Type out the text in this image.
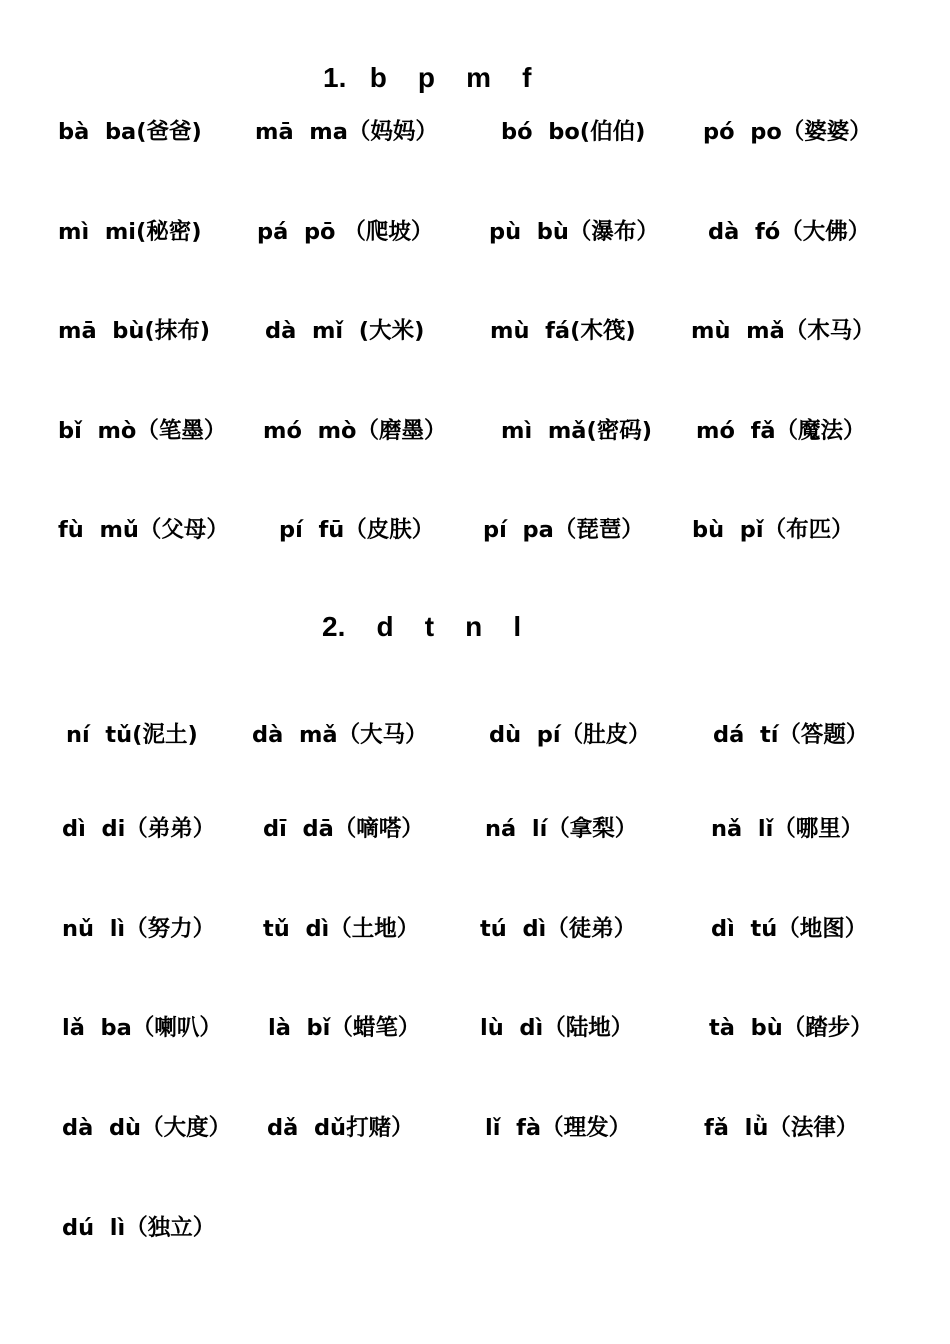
1.   b    p    m    f
bà  ba(爸爸) mā  ma（妈妈）	bó  bo(伯伯)	pó  po（婆婆）
mì  mi(秘密) pá  pō （爬坡） pù  bù（瀑布） dà  fó（大佛）
mā  bù(抹布) dà  mǐ  (大米)	mù  fá(木筏) mù  mǎ（木马）
bǐ  mò（笔墨） mó  mò（磨墨） mì  mǎ(密码) mó  fǎ（魔法）
fù  mǔ（父母） pí  fū（皮肤） pí  pa（琵琶） bù  pǐ（布匹）
2.    d    t    n    l
ní  tǔ(泥土) dà  mǎ（大马）	dù  pí（肚皮）	dá  tí（答题）
dì  di（弟弟） dī  dā（嘀嗒）	ná  lí（拿梨）	nǎ  lǐ（哪里）
nǔ  lì（努力） tǔ  dì（土地）	tú  dì（徒弟）	dì  tú（地图）
lǎ  ba（喇叭） là  bǐ（蜡笔）	lù  dì（陆地）	tà  bù（踏步）
dà  dù（大度） dǎ  dǔ打赌）	lǐ  fà（理发）	fǎ  lǜ（法律）
dú  lì（独立）
